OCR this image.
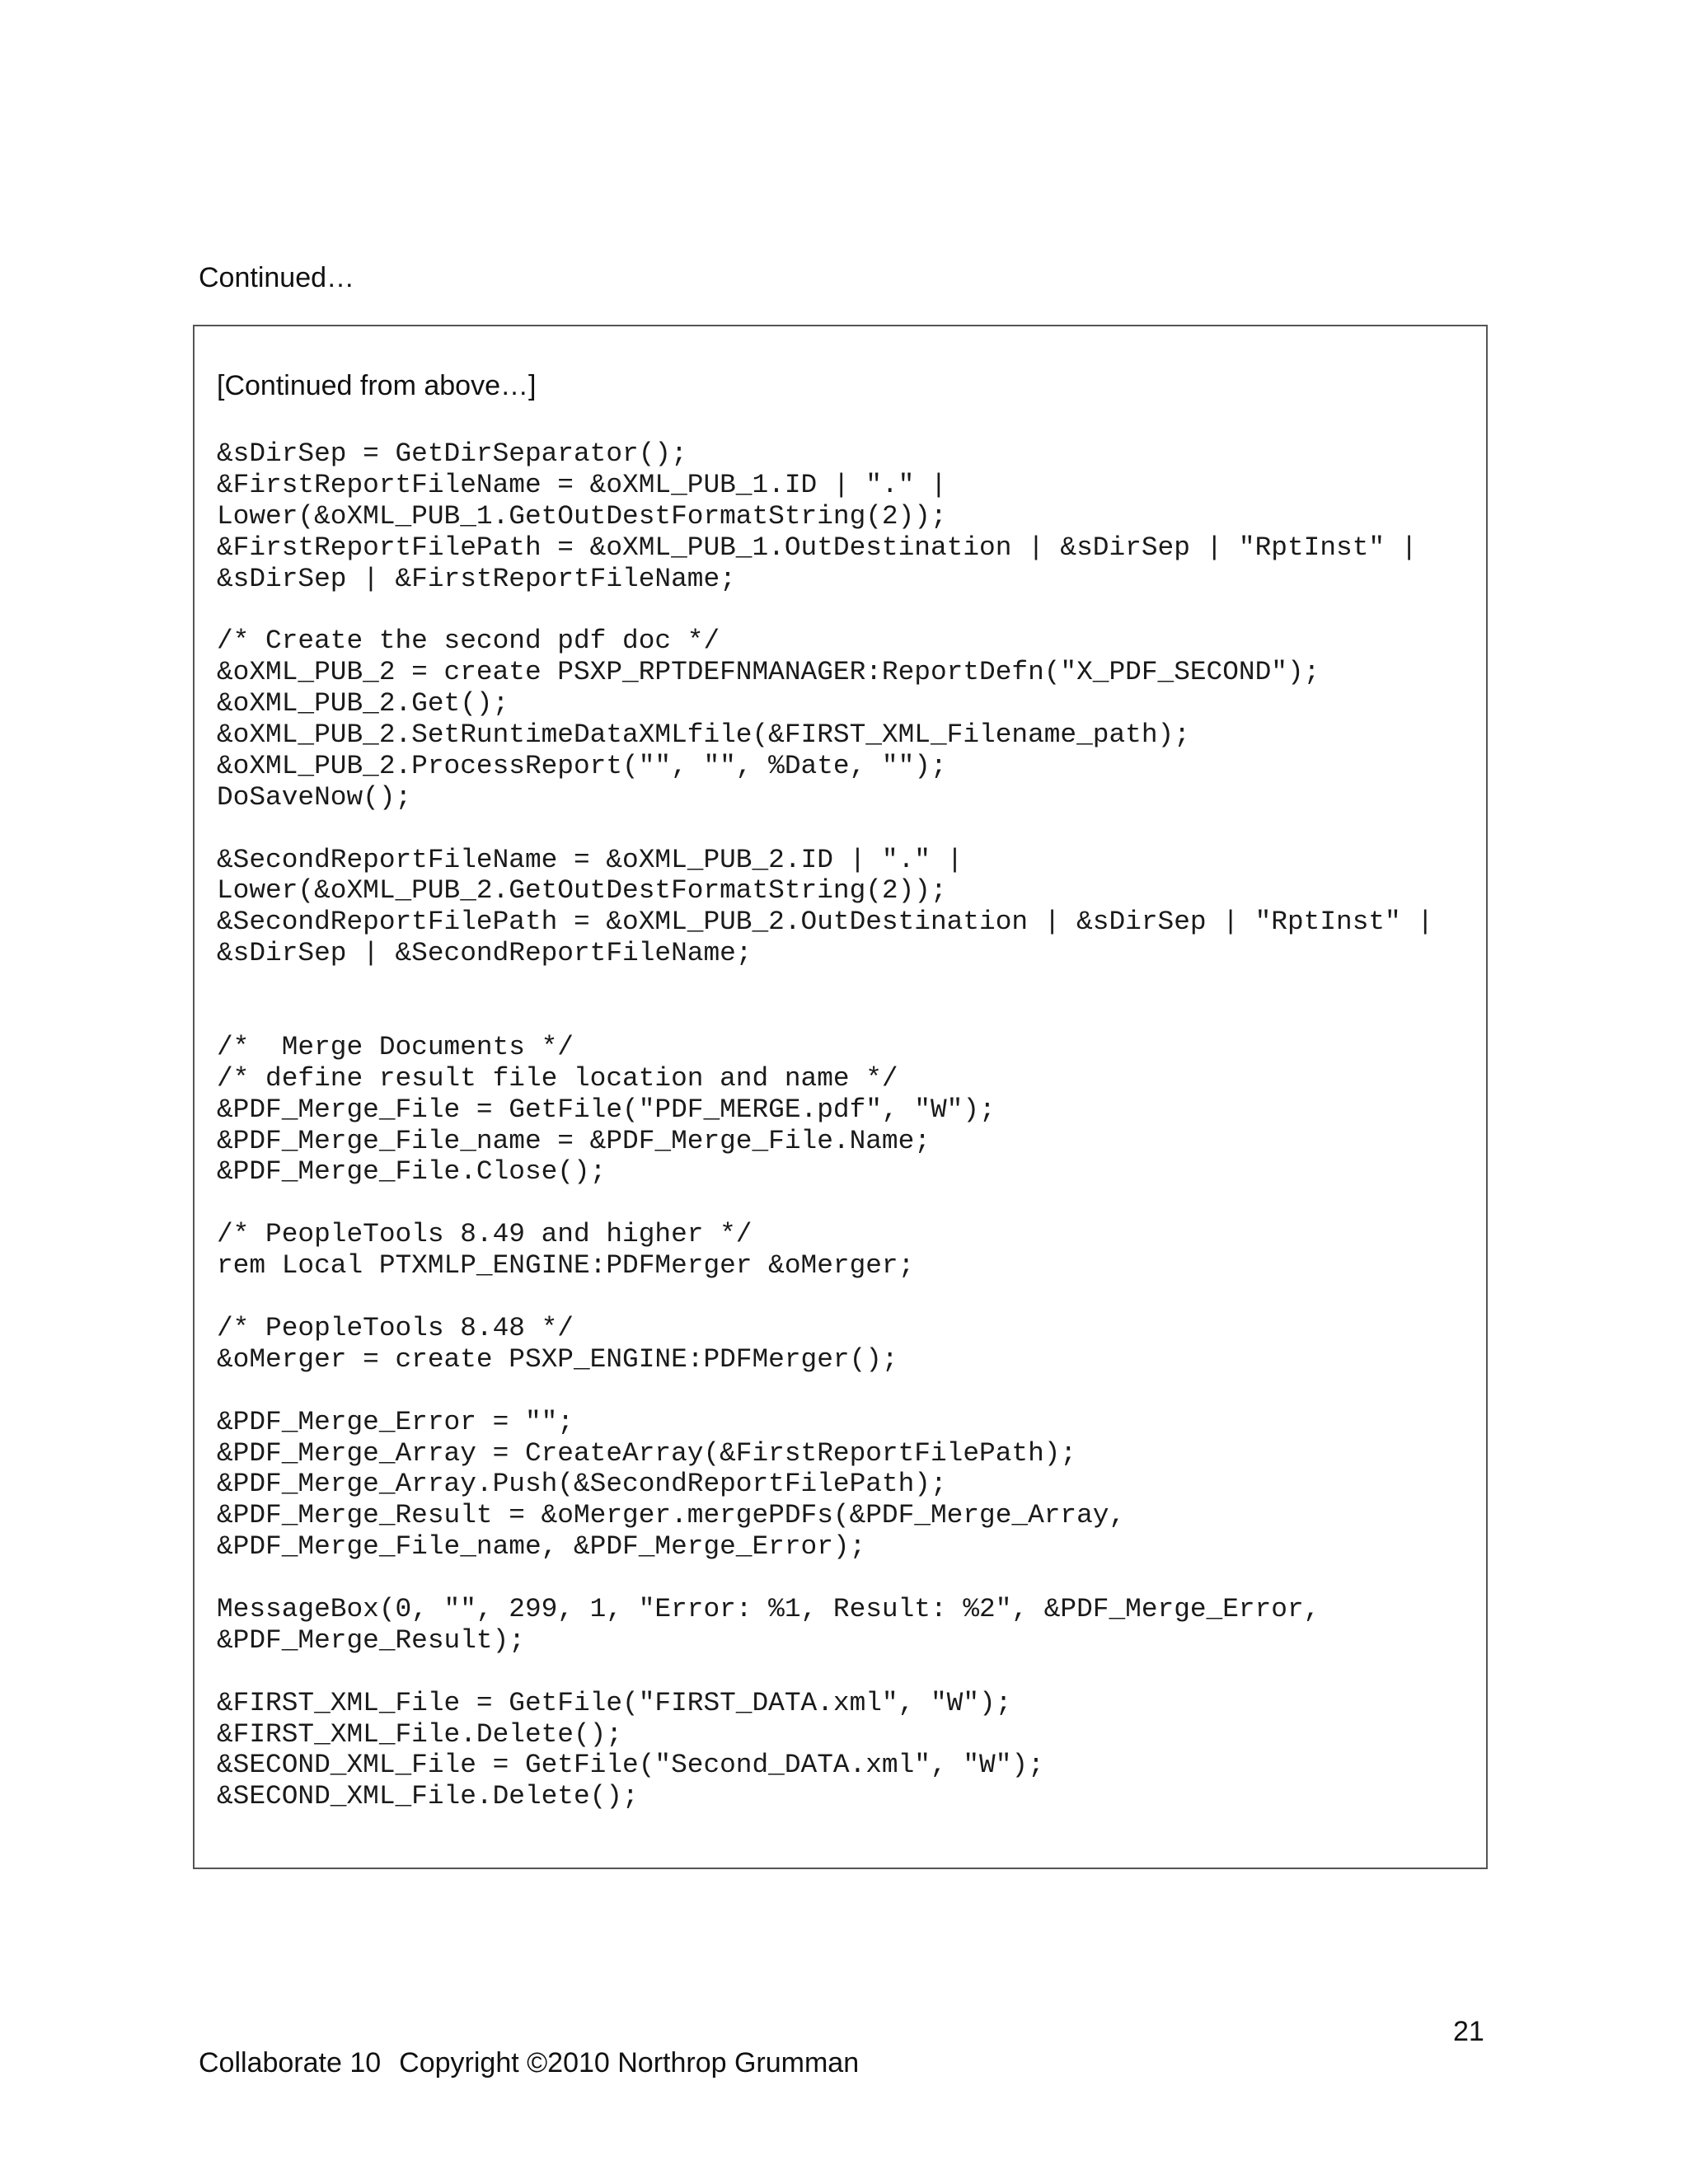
Continued…
[Continued from above…]
&sDirSep = GetDirSeparator();
&FirstReportFileName = &oXML_PUB_1.ID | "." |
Lower(&oXML_PUB_1.GetOutDestFormatString(2));
&FirstReportFilePath = &oXML_PUB_1.OutDestination | &sDirSep | "RptInst" |
&sDirSep | &FirstReportFileName;
/* Create the second pdf doc */
&oXML_PUB_2 = create PSXP_RPTDEFNMANAGER:ReportDefn("X_PDF_SECOND");
&oXML_PUB_2.Get();
&oXML_PUB_2.SetRuntimeDataXMLfile(&FIRST_XML_Filename_path);
&oXML_PUB_2.ProcessReport("", "", %Date, "");
DoSaveNow();
&SecondReportFileName = &oXML_PUB_2.ID | "." |
Lower(&oXML_PUB_2.GetOutDestFormatString(2));
&SecondReportFilePath = &oXML_PUB_2.OutDestination | &sDirSep | "RptInst" |
&sDirSep | &SecondReportFileName;
/*  Merge Documents */
/* define result file location and name */
&PDF_Merge_File = GetFile("PDF_MERGE.pdf", "W");
&PDF_Merge_File_name = &PDF_Merge_File.Name;
&PDF_Merge_File.Close();
/* PeopleTools 8.49 and higher */
rem Local PTXMLP_ENGINE:PDFMerger &oMerger;
/* PeopleTools 8.48 */
&oMerger = create PSXP_ENGINE:PDFMerger();
&PDF_Merge_Error = "";
&PDF_Merge_Array = CreateArray(&FirstReportFilePath);
&PDF_Merge_Array.Push(&SecondReportFilePath);
&PDF_Merge_Result = &oMerger.mergePDFs(&PDF_Merge_Array,
&PDF_Merge_File_name, &PDF_Merge_Error);
MessageBox(0, "", 299, 1, "Error: %1, Result: %2", &PDF_Merge_Error,
&PDF_Merge_Result);
&FIRST_XML_File = GetFile("FIRST_DATA.xml", "W");
&FIRST_XML_File.Delete();
&SECOND_XML_File = GetFile("Second_DATA.xml", "W");
&SECOND_XML_File.Delete();
21
Collaborate 10 Copyright ©2010 Northrop Grumman
